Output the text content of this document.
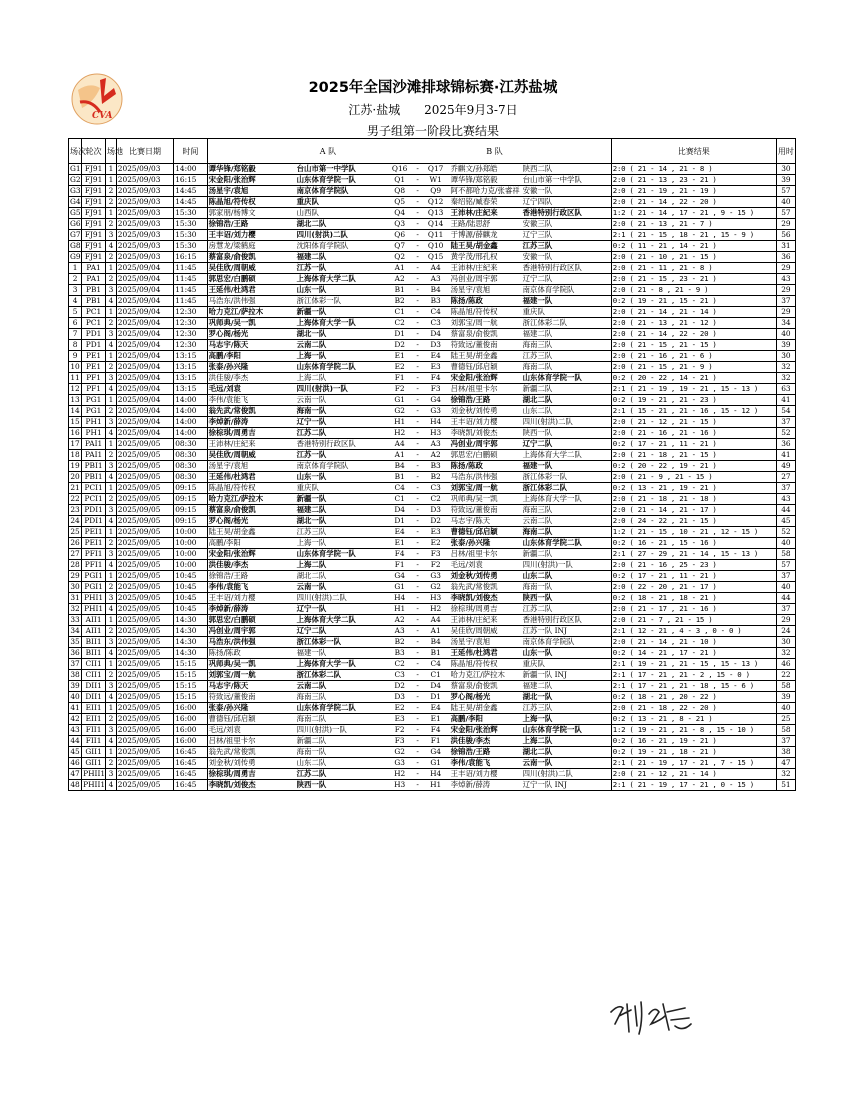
CVA
2025年全国沙滩排球锦标赛·江苏盐城
江苏·盐城 2025年9月3-7日
男子组第一阶段比赛结果
场次	轮次	场地	比赛日期	时间	A 队 B 队	比赛结果	用时
G1	FJ91	1	2025/09/03	14:00	谭华锋/郑铭毅 台山市第一中学队 Q16 - Q17 乔麒文/孙郑皓 陕西二队	2:0 ( 21 - 14 , 21 - 8 )	30
G2	FJ91	1	2025/09/03	16:15	宋金阳/张治辉 山东体育学院一队 Q1 - W1 谭华锋/郑铭毅 台山市第一中学队	2:0 ( 21 - 13 , 23 - 21 )	39
G3	FJ91	2	2025/09/03	14:45	汤星宇/袁旭 南京体育学院队 Q8 - Q9 阿不都哈力克/张睿祥 安徽一队	2:0 ( 21 - 19 , 21 - 19 )	57
G4	FJ91	2	2025/09/03	14:45	陈晶旭/符传权 重庆队 Q5 - Q12 秦绍铭/臧春荣 辽宁四队	2:0 ( 21 - 14 , 22 - 20 )	40
G5	FJ91	1	2025/09/03	15:30	郭家朋/杨博文 山西队 Q4 - Q13 王沛林/庄紀来 香港特别行政区队	1:2 ( 21 - 14 , 17 - 21 , 9 - 15 )	57
G6	FJ91	2	2025/09/03	15:30	徐锦浩/王路 湖北二队 Q3 - Q14 王路/陆思舒 安徽三队	2:0 ( 21 - 13 , 21 - 7 )	29
G7	FJ91	3	2025/09/03	15:30	王丰诏/刘力樱 四川(射洪)二队 Q6 - Q11 于博源/薛麒龙 辽宁三队	2:1 ( 21 - 15 , 18 - 21 , 15 - 9 )	56
G8	FJ91	4	2025/09/03	15:30	房慧龙/梁鹤庭 沈阳体育学院队 Q7 - Q10 陆王昊/胡金鑫 江苏三队	0:2 ( 11 - 21 , 14 - 21 )	31
G9	FJ91	2	2025/09/03	16:15	蔡富泉/俞俊凯 福建二队 Q2 - Q15 黄学茂/邢孔权 安徽一队	2:0 ( 21 - 10 , 21 - 15 )	36
1	PA1	1	2025/09/04	11:45	吴佳欣/周朝威 江苏一队 A1 - A4 王沛林/庄紀来 香港特别行政区队	2:0 ( 21 - 11 , 21 - 8 )	29
2	PA1	2	2025/09/04	11:45	郭思宏/白鹏硕 上海体育大学二队 A2 - A3 冯创业/周宇郭 辽宁二队	2:0 ( 21 - 15 , 23 - 21 )	43
3	PB1	3	2025/09/04	11:45	王延伟/杜鸿君 山东一队 B1 - B4 汤星宇/袁旭 南京体育学院队	2:0 ( 21 - 8 , 21 - 9 )	29
4	PB1	4	2025/09/04	11:45	马浩东/洪伟强 浙江体彩一队 B2 - B3 陈扬/陈政 福建一队	0:2 ( 19 - 21 , 15 - 21 )	37
5	PC1	1	2025/09/04	12:30	哈力克江/萨拉木 新疆一队 C1 - C4 陈晶旭/符传权 重庆队	2:0 ( 21 - 14 , 21 - 14 )	29
6	PC1	2	2025/09/04	12:30	巩师典/吴一凯 上海体育大学一队 C2 - C3 刘郭宝/周一航 浙江体彩二队	2:0 ( 21 - 13 , 21 - 12 )	34
7	PD1	3	2025/09/04	12:30	罗心阁/杨光 湖北一队 D1 - D4 蔡富泉/俞俊凯 福建二队	2:0 ( 21 - 14 , 22 - 20 )	40
8	PD1	4	2025/09/04	12:30	马志宇/陈天 云南二队 D2 - D3 符致远/董俊南 海南三队	2:0 ( 21 - 15 , 21 - 15 )	39
9	PE1	1	2025/09/04	13:15	高鹏/李阳 上海一队 E1 - E4 陆王昊/胡金鑫 江苏三队	2:0 ( 21 - 16 , 21 - 6 )	30
10	PE1	2	2025/09/04	13:15	张泰/孙兴隆 山东体育学院二队 E2 - E3 曹德钰/邱启颖 海南二队	2:0 ( 21 - 15 , 21 - 9 )	32
11	PF1	3	2025/09/04	13:15	洪佳骏/李杰 上海二队 F1 - F4 宋金阳/张治辉 山东体育学院一队	0:2 ( 20 - 22 , 14 - 21 )	32
12	PF1	4	2025/09/04	13:15	毛远/刘袁 四川(射洪)一队 F2 - F3 吕林/祖里卡尔 新疆二队	2:1 ( 21 - 19 , 19 - 21 , 15 - 13 )	63
13	PG1	1	2025/09/04	14:00	李伟/袁能飞 云南一队 G1 - G4 徐锦浩/王路 湖北二队	0:2 ( 19 - 21 , 21 - 23 )	41
14	PG1	2	2025/09/04	14:00	翁先武/常俊凯 海南一队 G2 - G3 刘金秋/刘传勇 山东二队	2:1 ( 15 - 21 , 21 - 16 , 15 - 12 )	54
15	PH1	3	2025/09/04	14:00	李焯新/薛涛 辽宁一队 H1 - H4 王丰诏/刘力樱 四川(射洪)二队	2:0 ( 21 - 12 , 21 - 15 )	37
16	PH1	4	2025/09/04	14:00	徐棕琪/周勇吉 江苏二队 H2 - H3 李晓凯/刘俊杰 陕西一队	2:0 ( 21 - 16 , 21 - 16 )	52
17	PAI1	1	2025/09/05	08:30	王沛林/庄紀来 香港特别行政区队 A4 - A3 冯创业/周宇郭 辽宁二队	0:2 ( 17 - 21 , 11 - 21 )	36
18	PAI1	2	2025/09/05	08:30	吴佳欣/周朝威 江苏一队 A1 - A2 郭思宏/白鹏硕 上海体育大学二队	2:0 ( 21 - 18 , 21 - 15 )	41
19	PBI1	3	2025/09/05	08:30	汤星宇/袁旭 南京体育学院队 B4 - B3 陈扬/陈政 福建一队	0:2 ( 20 - 22 , 19 - 21 )	49
20	PBI1	4	2025/09/05	08:30	王延伟/杜鸿君 山东一队 B1 - B2 马浩东/洪伟强 浙江体彩一队	2:0 ( 21 - 9 , 21 - 15 )	27
21	PCI1	1	2025/09/05	09:15	陈晶旭/符传权 重庆队 C4 - C3 刘郭宝/周一航 浙江体彩二队	0:2 ( 13 - 21 , 19 - 21 )	37
22	PCI1	2	2025/09/05	09:15	哈力克江/萨拉木 新疆一队 C1 - C2 巩师典/吴一凯 上海体育大学一队	2:0 ( 21 - 18 , 21 - 18 )	43
23	PDI1	3	2025/09/05	09:15	蔡富泉/俞俊凯 福建二队 D4 - D3 符致远/董俊南 海南三队	2:0 ( 21 - 14 , 21 - 17 )	44
24	PDI1	4	2025/09/05	09:15	罗心阁/杨光 湖北一队 D1 - D2 马志宇/陈天 云南二队	2:0 ( 24 - 22 , 21 - 15 )	45
25	PEI1	1	2025/09/05	10:00	陆王昊/胡金鑫 江苏三队 E4 - E3 曹德钰/邱启颖 海南二队	1:2 ( 21 - 15 , 10 - 21 , 12 - 15 )	52
26	PEI1	2	2025/09/05	10:00	高鹏/李阳 上海一队 E1 - E2 张泰/孙兴隆 山东体育学院二队	0:2 ( 16 - 21 , 15 - 16 )	40
27	PFI1	3	2025/09/05	10:00	宋金阳/张治辉 山东体育学院一队 F4 - F3 吕林/祖里卡尔 新疆二队	2:1 ( 27 - 29 , 21 - 14 , 15 - 13 )	58
28	PFI1	4	2025/09/05	10:00	洪佳骏/李杰 上海二队 F1 - F2 毛远/刘袁 四川(射洪)一队	2:0 ( 21 - 16 , 25 - 23 )	57
29	PGI1	1	2025/09/05	10:45	徐锦浩/王路 湖北二队 G4 - G3 刘金秋/刘传勇 山东二队	0:2 ( 17 - 21 , 11 - 21 )	37
30	PGI1	2	2025/09/05	10:45	李伟/袁能飞 云南一队 G1 - G2 翁先武/常俊凯 海南一队	2:0 ( 22 - 20 , 21 - 17 )	40
31	PHI1	3	2025/09/05	10:45	王丰诏/刘力樱 四川(射洪)二队 H4 - H3 李晓凯/刘俊杰 陕西一队	0:2 ( 18 - 21 , 18 - 21 )	44
32	PHI1	4	2025/09/05	10:45	李焯新/薛涛 辽宁一队 H1 - H2 徐棕琪/周勇吉 江苏二队	2:0 ( 21 - 17 , 21 - 16 )	37
33	AII1	1	2025/09/05	14:30	郭思宏/白鹏硕 上海体育大学二队 A2 - A4 王沛林/庄紀来 香港特别行政区队	2:0 ( 21 - 7 , 21 - 15 )	29
34	AII1	2	2025/09/05	14:30	冯创业/周宇郭 辽宁二队 A3 - A1 吴佳欣/周朝威 江苏一队 INJ	2:1 ( 12 - 21 , 4 - 3 , 0 - 0 )	24
35	BII1	3	2025/09/05	14:30	马浩东/洪伟强 浙江体彩一队 B2 - B4 汤星宇/袁旭 南京体育学院队	2:0 ( 21 - 14 , 21 - 10 )	30
36	BII1	4	2025/09/05	14:30	陈扬/陈政 福建一队 B3 - B1 王延伟/杜鸿君 山东一队	0:2 ( 14 - 21 , 17 - 21 )	32
37	CII1	1	2025/09/05	15:15	巩师典/吴一凯 上海体育大学一队 C2 - C4 陈晶旭/符传权 重庆队	2:1 ( 19 - 21 , 21 - 15 , 15 - 13 )	46
38	CII1	2	2025/09/05	15:15	刘郭宝/周一航 浙江体彩二队 C3 - C1 哈力克江/萨拉木 新疆一队 INJ	2:1 ( 17 - 21 , 21 - 2 , 15 - 0 )	22
39	DII1	3	2025/09/05	15:15	马志宇/陈天 云南二队 D2 - D4 蔡富泉/俞俊凯 福建二队	2:1 ( 17 - 21 , 21 - 18 , 15 - 6 )	58
40	DII1	4	2025/09/05	15:15	符致远/董俊南 海南三队 D3 - D1 罗心阁/杨光 湖北一队	0:2 ( 18 - 21 , 20 - 22 )	39
41	EII1	1	2025/09/05	16:00	张泰/孙兴隆 山东体育学院二队 E2 - E4 陆王昊/胡金鑫 江苏三队	2:0 ( 21 - 18 , 22 - 20 )	40
42	EII1	2	2025/09/05	16:00	曹德钰/邱启颖 海南二队 E3 - E1 高鹏/李阳 上海一队	0:2 ( 13 - 21 , 8 - 21 )	25
43	FII1	3	2025/09/05	16:00	毛远/刘袁 四川(射洪)一队 F2 - F4 宋金阳/张治辉 山东体育学院一队	1:2 ( 19 - 21 , 21 - 8 , 15 - 10 )	58
44	FII1	4	2025/09/05	16:00	吕林/祖里卡尔 新疆二队 F3 - F1 洪佳骏/李杰 上海二队	0:2 ( 16 - 21 , 19 - 21 )	37
45	GII1	1	2025/09/05	16:45	翁先武/常俊凯 海南一队 G2 - G4 徐锦浩/王路 湖北二队	0:2 ( 19 - 21 , 18 - 21 )	38
46	GII1	2	2025/09/05	16:45	刘金秋/刘传勇 山东二队 G3 - G1 李伟/袁能飞 云南一队	2:1 ( 21 - 19 , 17 - 21 , 7 - 15 )	47
47	PHII1	3	2025/09/05	16:45	徐棕琪/周勇吉 江苏二队 H2 - H4 王丰诏/刘力樱 四川(射洪)二队	2:0 ( 21 - 12 , 21 - 14 )	32
48	PHII1	4	2025/09/05	16:45	李晓凯/刘俊杰 陕西一队 H3 - H1 李焯新/薛涛 辽宁一队 INJ	2:1 ( 21 - 19 , 17 - 21 , 0 - 15 )	51
